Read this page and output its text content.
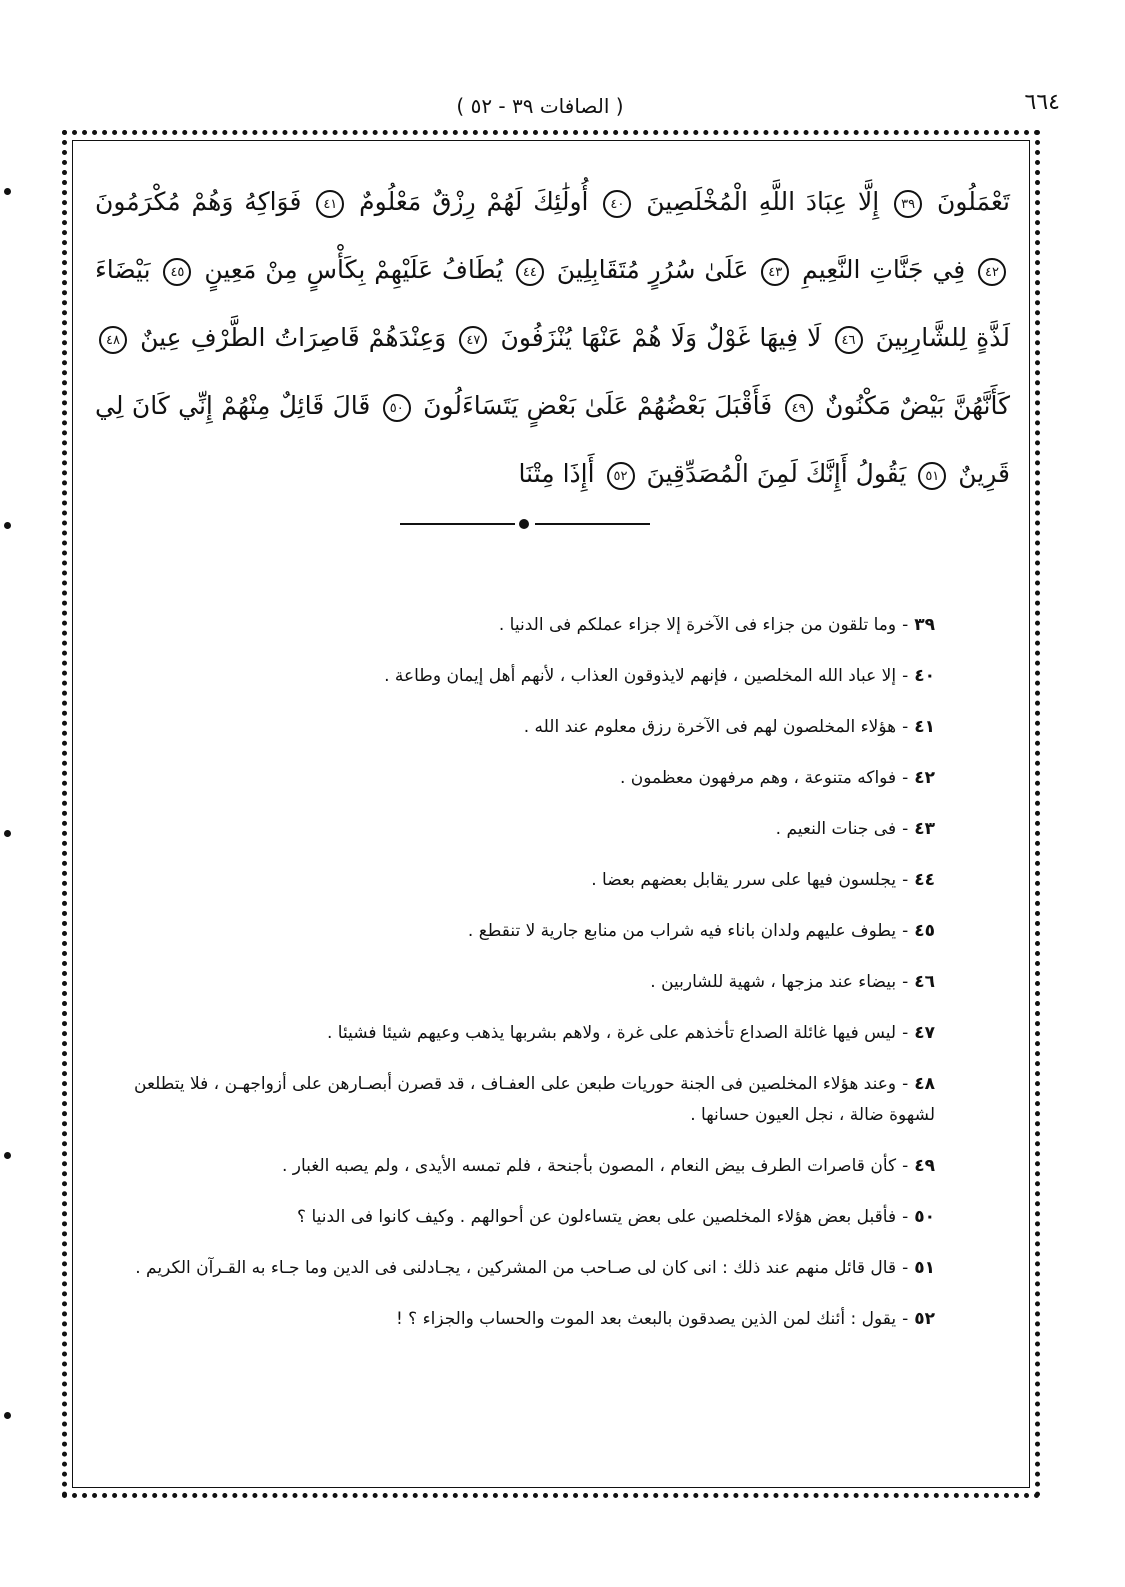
٦٦٤
( الصافات ٣٩ - ٥٢ )
تَعْمَلُونَ ٣٩ إِلَّا عِبَادَ اللَّهِ الْمُخْلَصِينَ ٤٠ أُولَٰئِكَ لَهُمْ رِزْقٌ مَعْلُومٌ ٤١ فَوَاكِهُ وَهُمْ مُكْرَمُونَ ٤٢ فِي جَنَّاتِ النَّعِيمِ ٤٣ عَلَىٰ سُرُرٍ مُتَقَابِلِينَ ٤٤ يُطَافُ عَلَيْهِمْ بِكَأْسٍ مِنْ مَعِينٍ ٤٥ بَيْضَاءَ لَذَّةٍ لِلشَّارِبِينَ ٤٦ لَا فِيهَا غَوْلٌ وَلَا هُمْ عَنْهَا يُنْزَفُونَ ٤٧ وَعِنْدَهُمْ قَاصِرَاتُ الطَّرْفِ عِينٌ ٤٨ كَأَنَّهُنَّ بَيْضٌ مَكْنُونٌ ٤٩ فَأَقْبَلَ بَعْضُهُمْ عَلَىٰ بَعْضٍ يَتَسَاءَلُونَ ٥٠ قَالَ قَائِلٌ مِنْهُمْ إِنِّي كَانَ لِي قَرِينٌ ٥١ يَقُولُ أَإِنَّكَ لَمِنَ الْمُصَدِّقِينَ ٥٢ أَإِذَا مِتْنَا

٣٩-وما تلقون من جزاء فى الآخرة إلا جزاء عملكم فى الدنيا .

٤٠-إلا عباد الله المخلصين ، فإنهم لايذوقون العذاب ، لأنهم أهل إيمان وطاعة .

٤١-هؤلاء المخلصون لهم فى الآخرة رزق معلوم عند الله .

٤٢-فواكه متنوعة ، وهم مرفهون معظمون .

٤٣-فى جنات النعيم .

٤٤-يجلسون فيها على سرر يقابل بعضهم بعضا .

٤٥-يطوف عليهم ولدان باناء فيه شراب من منابع جارية لا تنقطع .

٤٦-بيضاء عند مزجها ، شهية للشاربين .

٤٧-ليس فيها غائلة الصداع تأخذهم على غرة ، ولاهم بشربها يذهب وعيهم شيئا فشيئا .

٤٨-وعند هؤلاء المخلصين فى الجنة حوريات طبعن على العفـاف ، قد قصرن أبصـارهن على أزواجهـن ، فلا يتطلعن لشهوة ضالة ، نجل العيون حسانها .

٤٩-كأن قاصرات الطرف بيض النعام ، المصون بأجنحة ، فلم تمسه الأيدى ، ولم يصبه الغبار .

٥٠-فأقبل بعض هؤلاء المخلصين على بعض يتساءلون عن أحوالهم . وكيف كانوا فى الدنيا ؟

٥١-قال قائل منهم عند ذلك : انى كان لى صـاحب من المشركين ، يجـادلنى فى الدين وما جـاء به القـرآن الكريم .

٥٢-يقول : أئنك لمن الذين يصدقون بالبعث بعد الموت والحساب والجزاء ؟ !
